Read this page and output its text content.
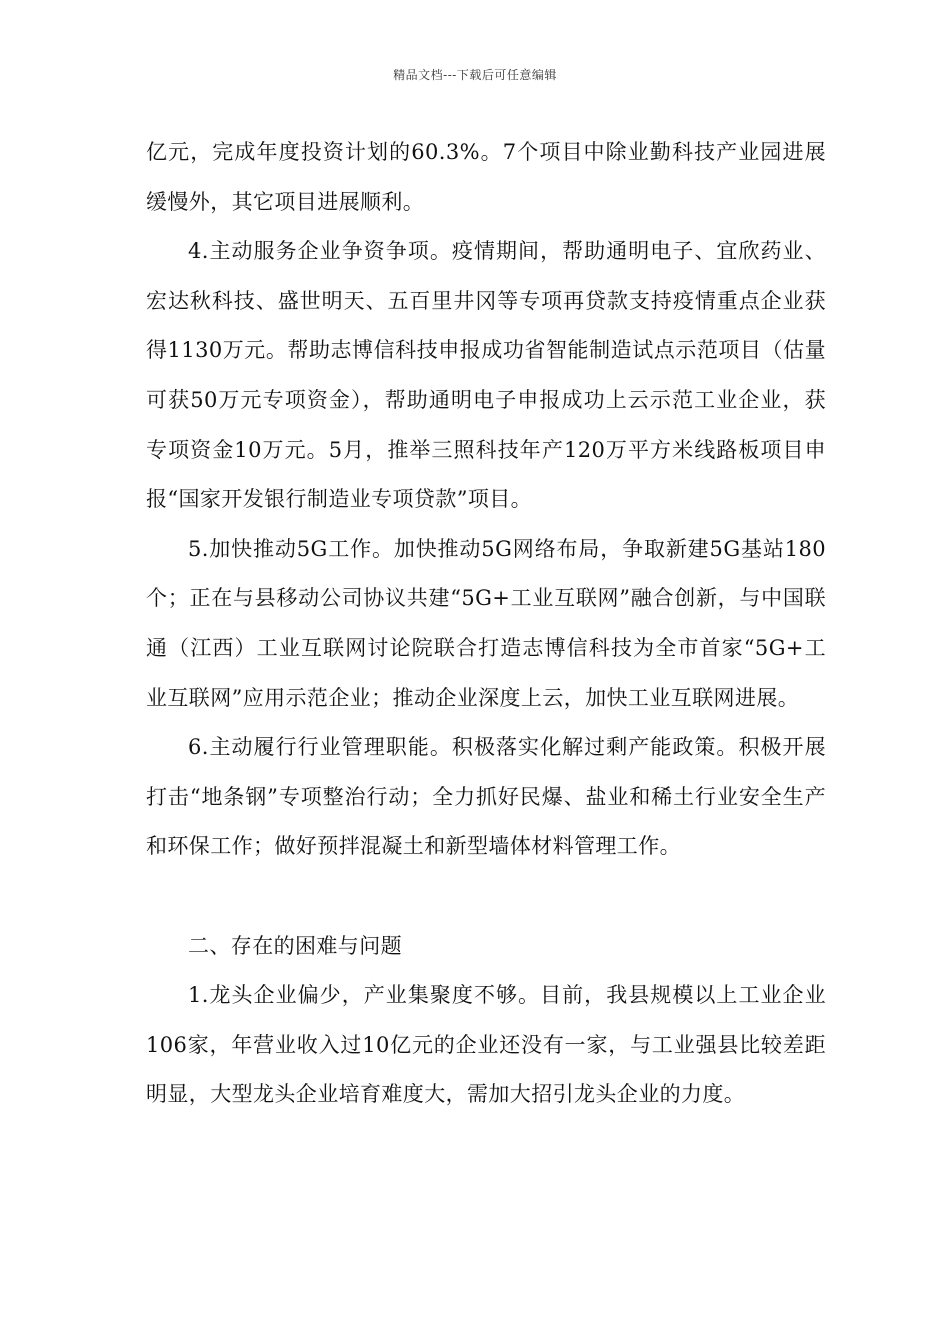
精品文档---下载后可任意编辑

亿元，完成年度投资计划的60.3%。7个项目中除业勤科技产业园进展缓慢外，其它项目进展顺利。

4.主动服务企业争资争项。疫情期间，帮助通明电子、宜欣药业、宏达秋科技、盛世明天、五百里井冈等专项再贷款支持疫情重点企业获得1130万元。帮助志博信科技申报成功省智能制造试点示范项目（估量可获50万元专项资金），帮助通明电子申报成功上云示范工业企业，获专项资金10万元。5月，推举三照科技年产120万平方米线路板项目申报“国家开发银行制造业专项贷款”项目。

5.加快推动5G工作。加快推动5G网络布局，争取新建5G基站180个；正在与县移动公司协议共建“5G+工业互联网”融合创新，与中国联通（江西）工业互联网讨论院联合打造志博信科技为全市首家“5G+工业互联网”应用示范企业；推动企业深度上云，加快工业互联网进展。

6.主动履行行业管理职能。积极落实化解过剩产能政策。积极开展打击“地条钢”专项整治行动；全力抓好民爆、盐业和稀土行业安全生产和环保工作；做好预拌混凝土和新型墙体材料管理工作。

二、存在的困难与问题

1.龙头企业偏少，产业集聚度不够。目前，我县规模以上工业企业106家，年营业收入过10亿元的企业还没有一家，与工业强县比较差距明显，大型龙头企业培育难度大，需加大招引龙头企业的力度。
